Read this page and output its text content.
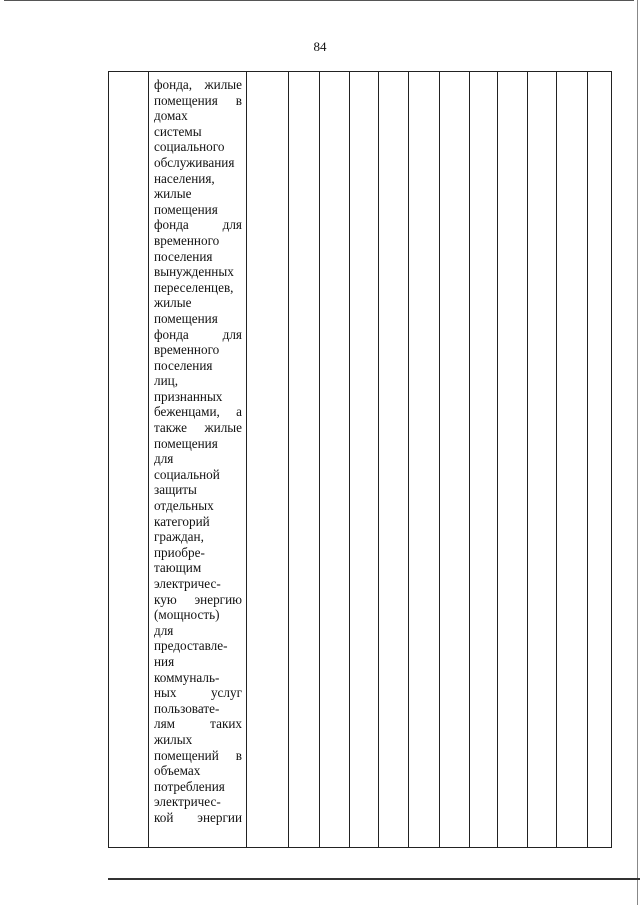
84

фонда, жилые
помещения в
домах
системы
социального
обслуживания
населения,
жилые
помещения
фонда для
временного
поселения
вынужденных
переселенцев,
жилые
помещения
фонда для
временного
поселения
лиц,
признанных
беженцами, а
также жилые
помещения
для
социальной
защиты
отдельных
категорий
граждан,
приобре-
тающим
электричес-
кую энергию
(мощность)
для
предоставле-
ния
коммуналь-
ных услуг
пользовате-
лям таких
жилых
помещений в
объемах
потребления
электричес-
кой энергии
